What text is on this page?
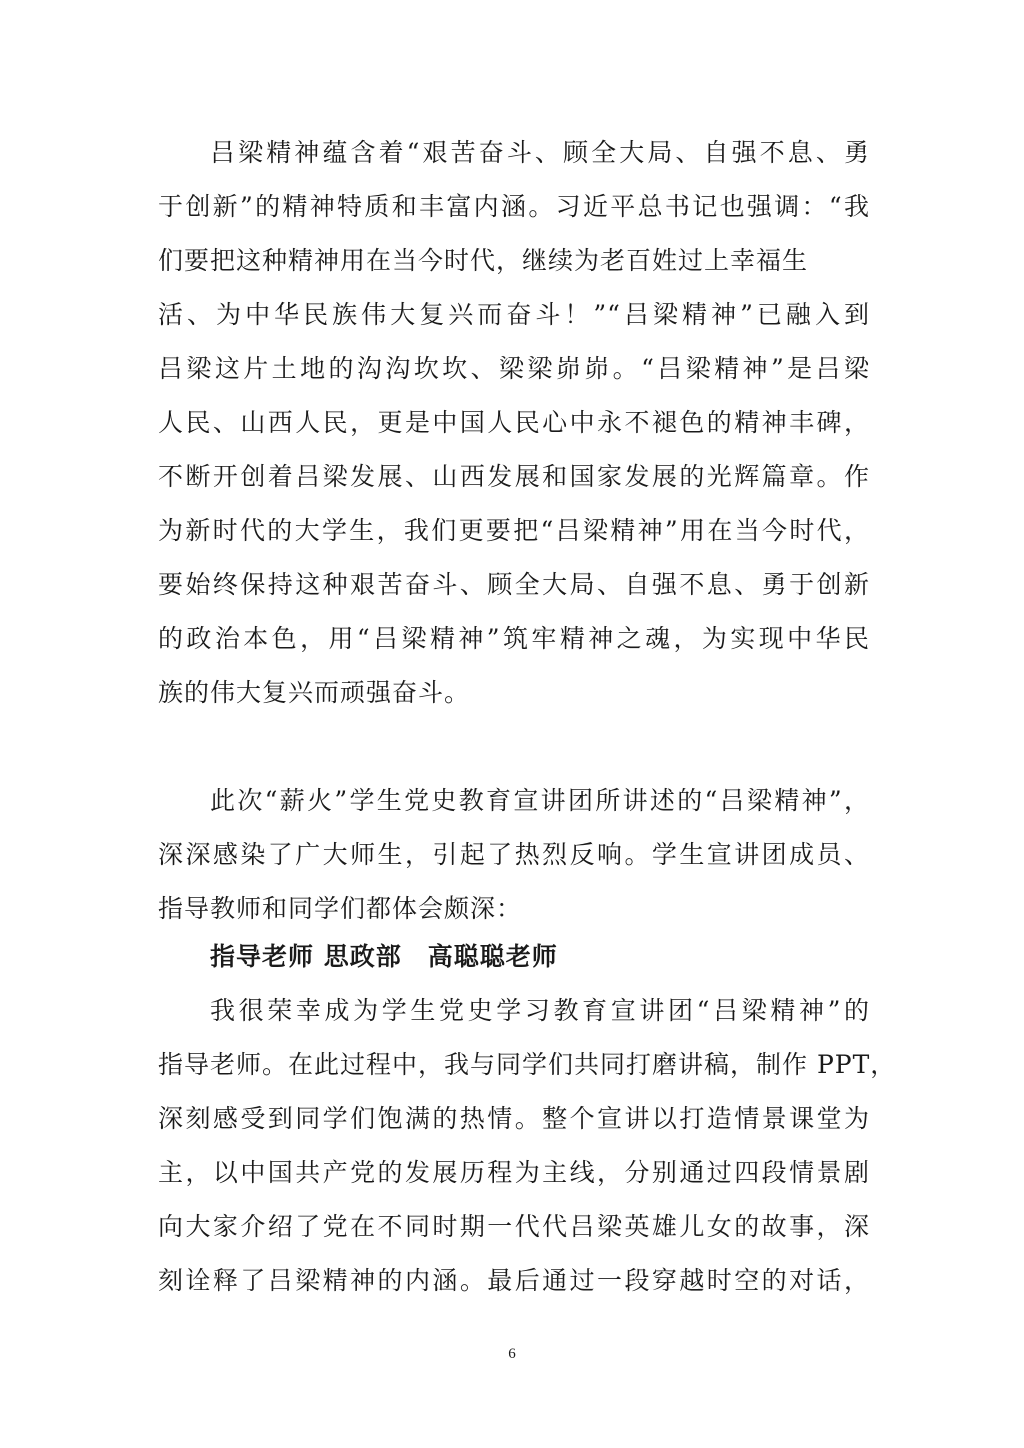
吕梁精神蕴含着“艰苦奋斗、顾全大局、自强不息、勇
于创新”的精神特质和丰富内涵。习近平总书记也强调：“我
们要把这种精神用在当今时代，继续为老百姓过上幸福生
活、为中华民族伟大复兴而奋斗！”“吕梁精神”已融入到
吕梁这片土地的沟沟坎坎、梁梁峁峁。“吕梁精神”是吕梁
人民、山西人民，更是中国人民心中永不褪色的精神丰碑，
不断开创着吕梁发展、山西发展和国家发展的光辉篇章。作
为新时代的大学生，我们更要把“吕梁精神”用在当今时代，
要始终保持这种艰苦奋斗、顾全大局、自强不息、勇于创新
的政治本色，用“吕梁精神”筑牢精神之魂，为实现中华民
族的伟大复兴而顽强奋斗。
此次“薪火”学生党史教育宣讲团所讲述的“吕梁精神”，
深深感染了广大师生，引起了热烈反响。学生宣讲团成员、
指导教师和同学们都体会颇深：
指导老师 思政部　高聪聪老师
我很荣幸成为学生党史学习教育宣讲团“吕梁精神”的
指导老师。在此过程中，我与同学们共同打磨讲稿，制作 PPT，
深刻感受到同学们饱满的热情。整个宣讲以打造情景课堂为
主，以中国共产党的发展历程为主线，分别通过四段情景剧
向大家介绍了党在不同时期一代代吕梁英雄儿女的故事，深
刻诠释了吕梁精神的内涵。最后通过一段穿越时空的对话，
6
